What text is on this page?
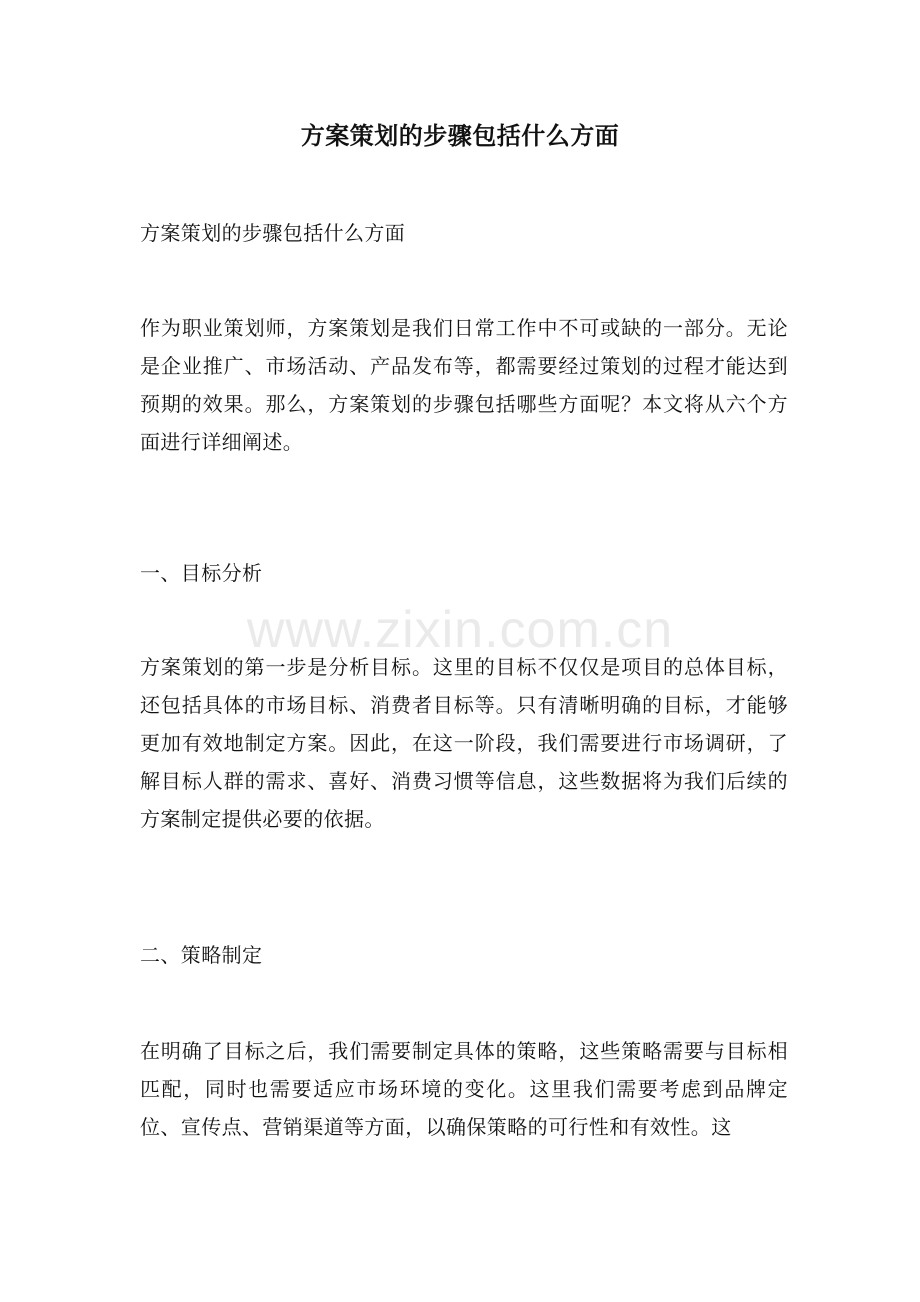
方案策划的步骤包括什么方面
方案策划的步骤包括什么方面
作为职业策划师，方案策划是我们日常工作中不可或缺的一部分。无论是企业推广、市场活动、产品发布等，都需要经过策划的过程才能达到预期的效果。那么，方案策划的步骤包括哪些方面呢？本文将从六个方面进行详细阐述。
一、目标分析
方案策划的第一步是分析目标。这里的目标不仅仅是项目的总体目标，还包括具体的市场目标、消费者目标等。只有清晰明确的目标，才能够更加有效地制定方案。因此，在这一阶段，我们需要进行市场调研，了解目标人群的需求、喜好、消费习惯等信息，这些数据将为我们后续的方案制定提供必要的依据。
二、策略制定
在明确了目标之后，我们需要制定具体的策略，这些策略需要与目标相匹配，同时也需要适应市场环境的变化。这里我们需要考虑到品牌定位、宣传点、营销渠道等方面，以确保策略的可行性和有效性。这
www.zixin.com.cn
